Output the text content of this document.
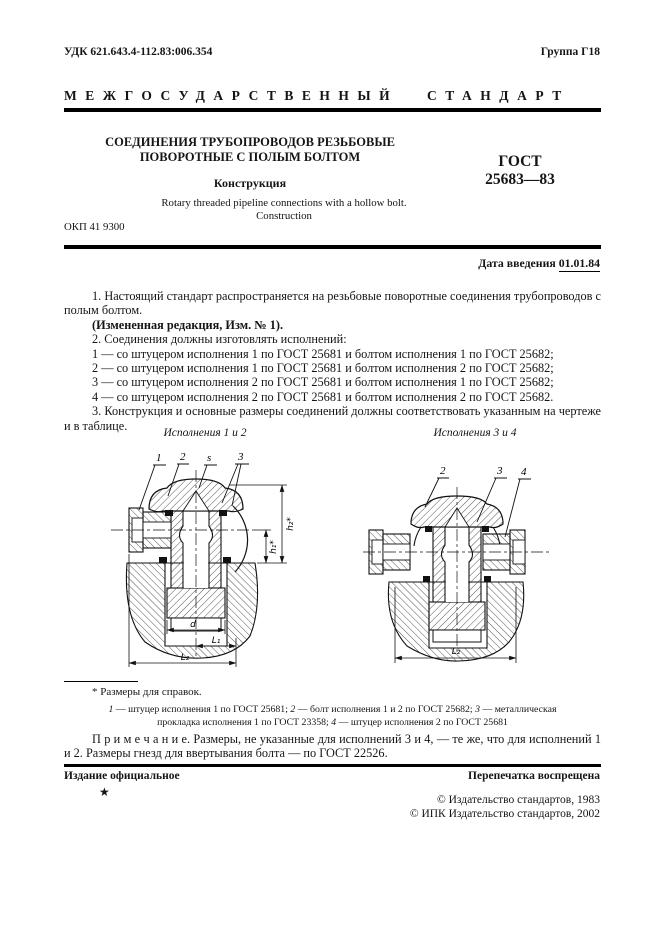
УДК 621.643.4-112.83:006.354	Группа Г18
МЕЖГОСУДАРСТВЕННЫЙ СТАНДАРТ
СОЕДИНЕНИЯ ТРУБОПРОВОДОВ РЕЗЬБОВЫЕ
ПОВОРОТНЫЕ С ПОЛЫМ БОЛТОМ
Конструкция
ГОСТ
25683—83
Rotary threaded pipeline connections with a hollow bolt.
Construction
ОКП 41 9300
Дата введения 01.01.84

1. Настоящий стандарт распространяется на резьбовые поворотные соединения трубопроводов с полым болтом.

(Измененная редакция, Изм. № 1).

2. Соединения должны изготовлять исполнений:

1 — со штуцером исполнения 1 по ГОСТ 25681 и болтом исполнения 1 по ГОСТ 25682;

2 — со штуцером исполнения 1 по ГОСТ 25681 и болтом исполнения 2 по ГОСТ 25682;

3 — со штуцером исполнения 2 по ГОСТ 25681 и болтом исполнения 1 по ГОСТ 25682;

4 — со штуцером исполнения 2 по ГОСТ 25681 и болтом исполнения 2 по ГОСТ 25682.

3. Конструкция и основные размеры соединений должны соответствовать указанным на чертеже и в таблице.

Исполнения 1 и 2	Исполнения 3 и 4
1 2 s 3
h₂*
h₁*
d
L₁
L₂
2	3 4
L₂

* Размеры для справок.

1 — штуцер исполнения 1 по ГОСТ 25681; 2 — болт исполнения 1 и 2 по ГОСТ 25682; 3 — металлическая прокладка исполнения 1 по ГОСТ 23358; 4 — штуцер исполнения 2 по ГОСТ 25681

П р и м е ч а н и е. Размеры, не указанные для исполнений 3 и 4, — те же, что для исполнений 1 и 2. Размеры гнезд для ввертывания болта — по ГОСТ 22526.

Издание официальное	Перепечатка воспрещена
★
© Издательство стандартов, 1983
© ИПК Издательство стандартов, 2002
